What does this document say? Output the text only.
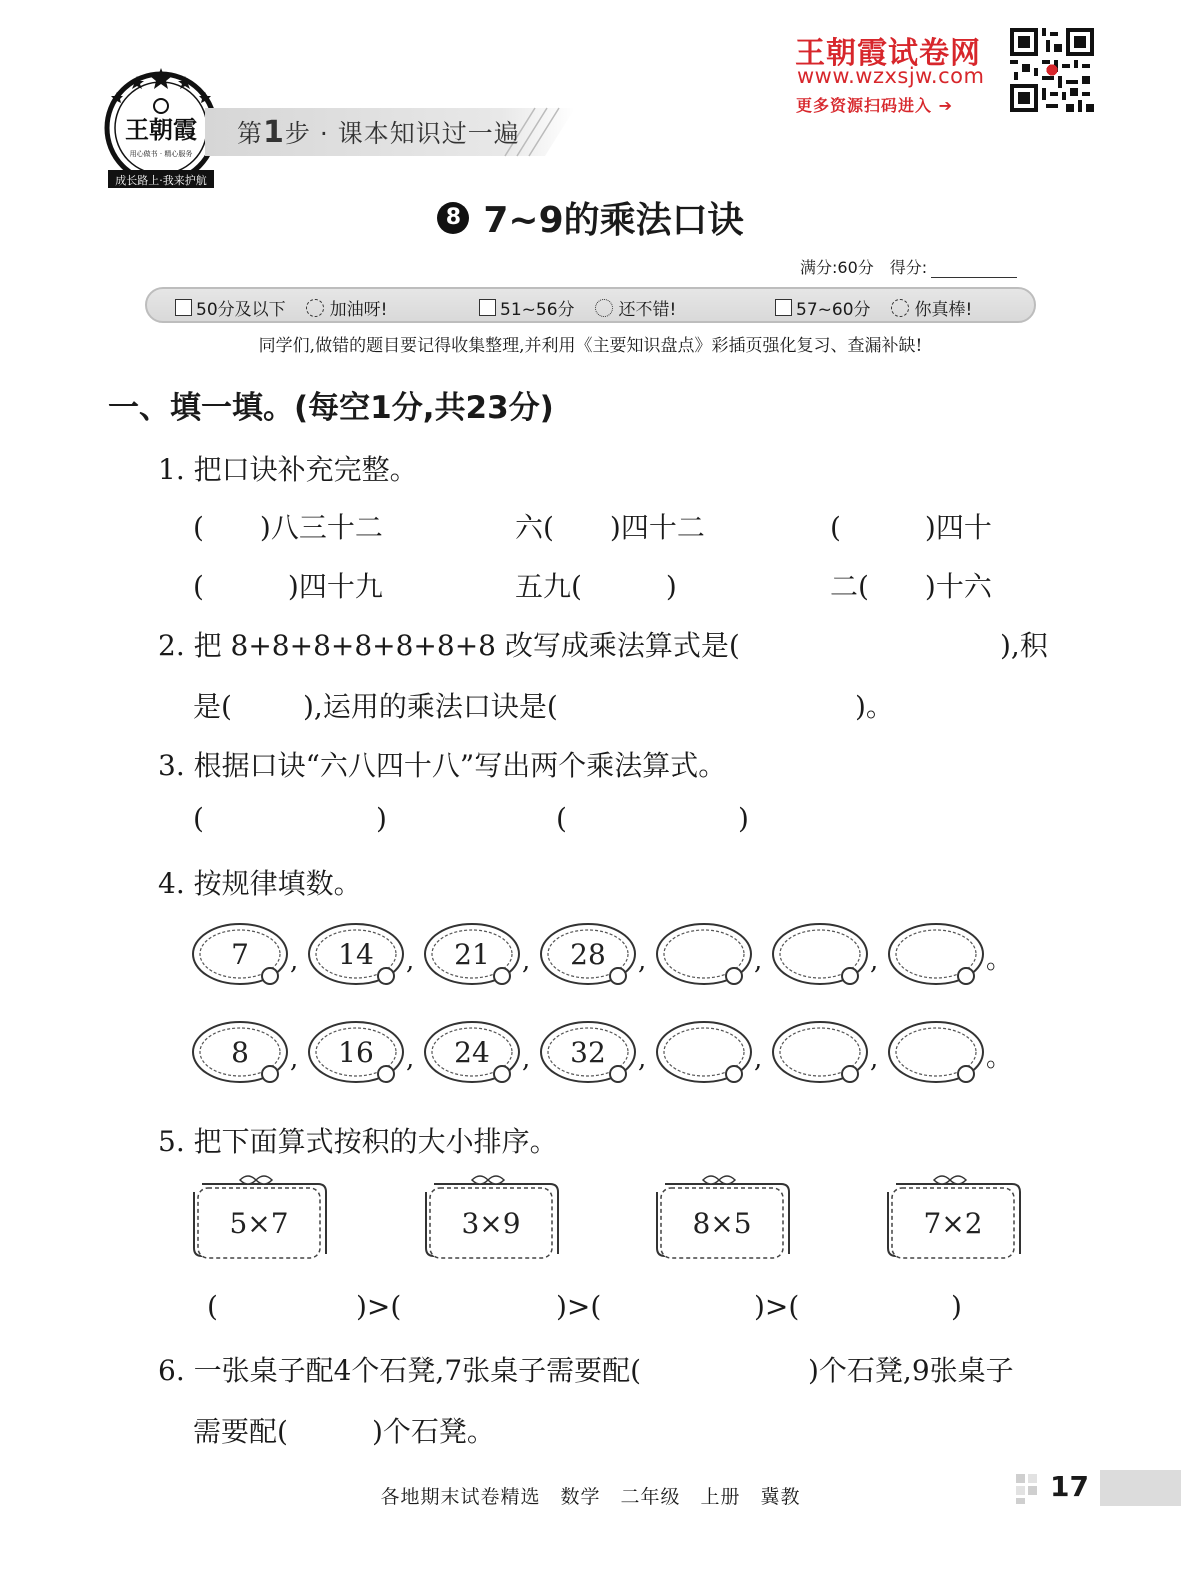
成长路上·我来护航
用心做书 · 精心服务
王朝霞 第1步 · 课本知识过一遍
王朝霞试卷网
www.wzxsjw.com
更多资源扫码进入 ➔
8 7~9的乘法口诀
满分:60分　 得分:
50分及以下	加油呀!	51~56分	还不错!	57~60分	你真棒!
同学们,做错的题目要记得收集整理,并利用《主要知识盘点》彩插页强化复习、查漏补缺!
一、填一填。(每空1分,共23分)
1. 把口诀补充完整。
(　　)八三十二	六(　　)四十二	(　　　)四十
(　　　)四十九	五九(　　　)	二(　　)十六
2. 把 8+8+8+8+8+8+8 改写成乘法算式是(	),积
是(	),运用的乘法口诀是(	)。
3. 根据口诀“六八四十八”写出两个乘法算式。
(	)	(	)
4. 按规律填数。
7 , 14 , 21 , 28 ,	,	,	。
8 , 16 , 24 , 32 ,	,	,	。
5. 把下面算式按积的大小排序。
5×7	3×9	8×5	7×2
(	)>(	)>(	)>(	)
6. 一张桌子配4个石凳,7张桌子需要配(	)个石凳,9张桌子
需要配(	)个石凳。
各地期末试卷精选　数学　二年级　上册　冀教	17
